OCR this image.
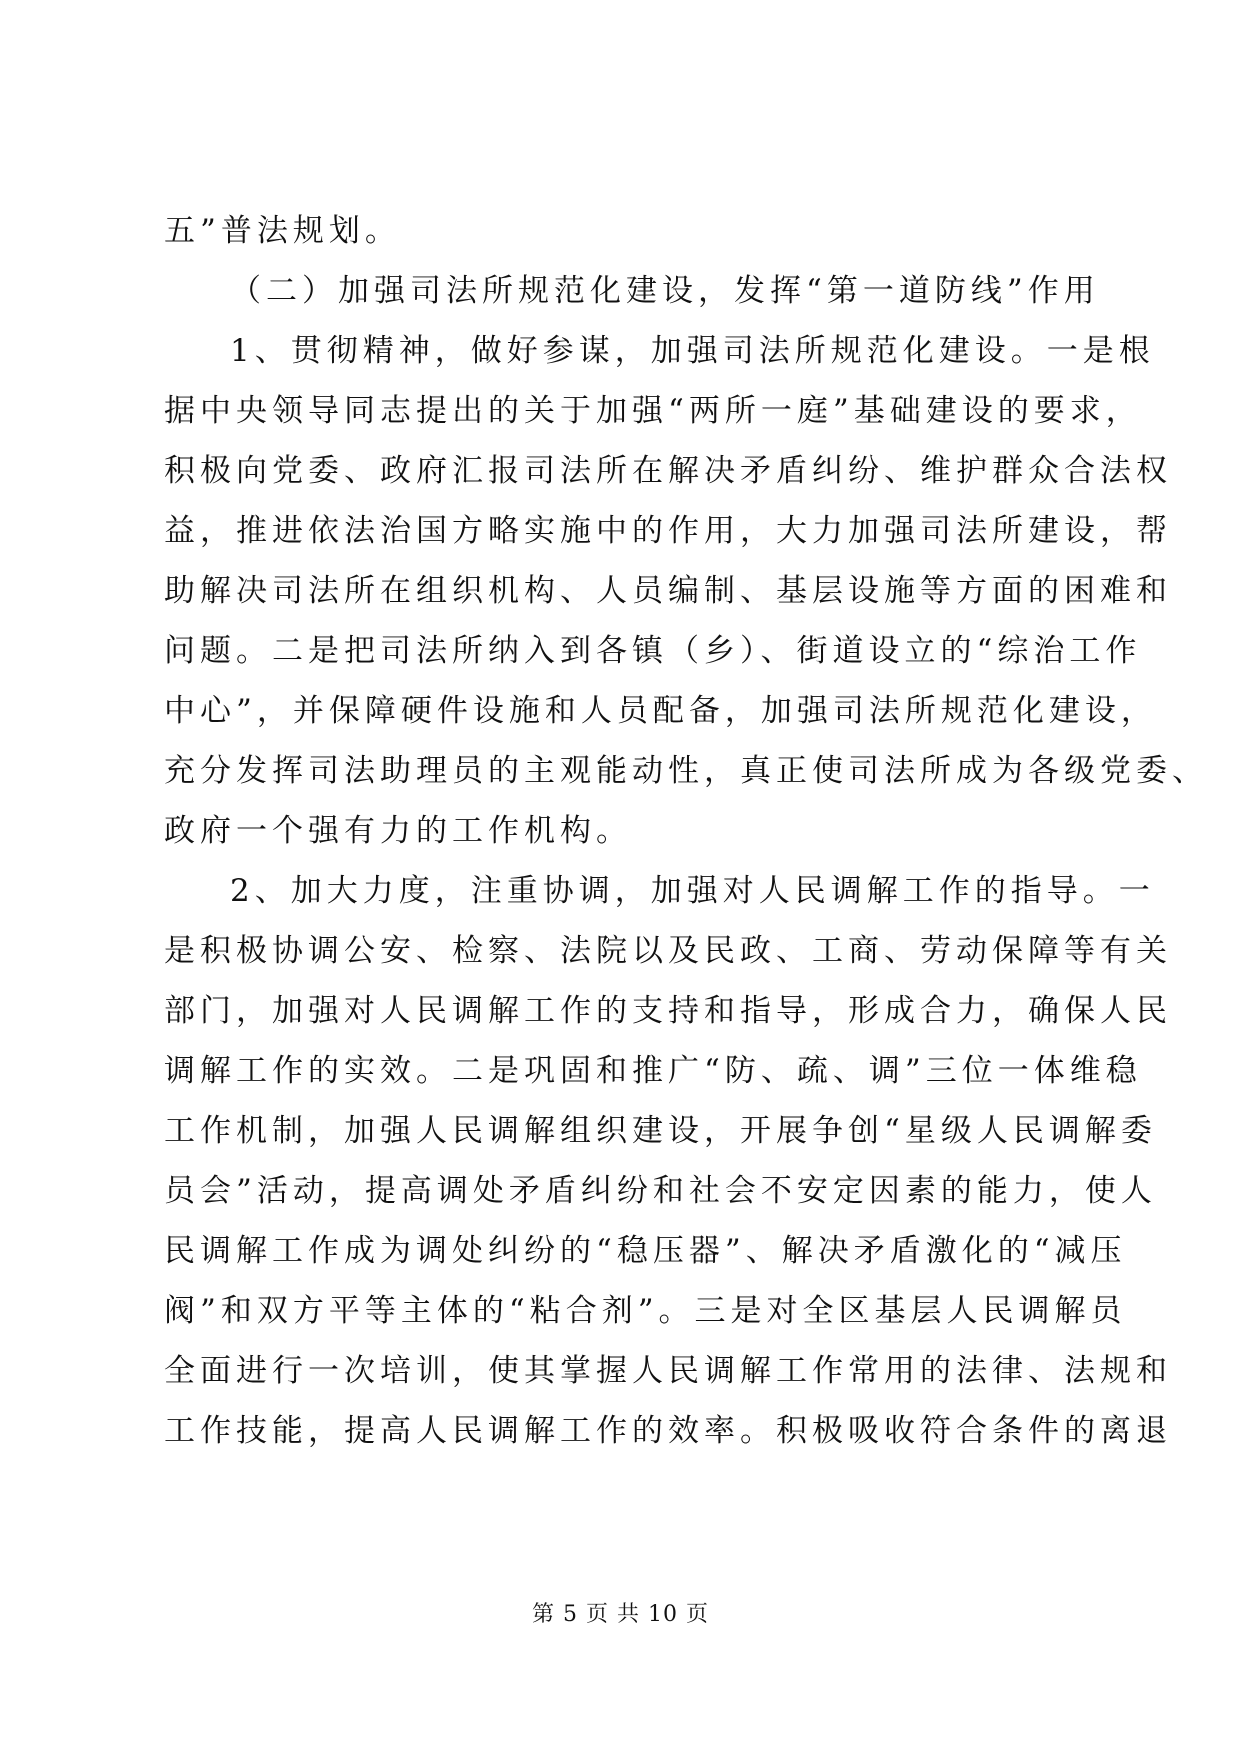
五”普法规划。
（二）加强司法所规范化建设，发挥“第一道防线”作用
1、贯彻精神，做好参谋，加强司法所规范化建设。一是根
据中央领导同志提出的关于加强“两所一庭”基础建设的要求，
积极向党委、政府汇报司法所在解决矛盾纠纷、维护群众合法权
益，推进依法治国方略实施中的作用，大力加强司法所建设，帮
助解决司法所在组织机构、人员编制、基层设施等方面的困难和
问题。二是把司法所纳入到各镇（乡）、街道设立的“综治工作
中心”，并保障硬件设施和人员配备，加强司法所规范化建设，
充分发挥司法助理员的主观能动性，真正使司法所成为各级党委、
政府一个强有力的工作机构。
2、加大力度，注重协调，加强对人民调解工作的指导。一
是积极协调公安、检察、法院以及民政、工商、劳动保障等有关
部门，加强对人民调解工作的支持和指导，形成合力，确保人民
调解工作的实效。二是巩固和推广“防、疏、调”三位一体维稳
工作机制，加强人民调解组织建设，开展争创“星级人民调解委
员会”活动，提高调处矛盾纠纷和社会不安定因素的能力，使人
民调解工作成为调处纠纷的“稳压器”、解决矛盾激化的“减压
阀”和双方平等主体的“粘合剂”。三是对全区基层人民调解员
全面进行一次培训，使其掌握人民调解工作常用的法律、法规和
工作技能，提高人民调解工作的效率。积极吸收符合条件的离退
第 5 页 共 10 页
